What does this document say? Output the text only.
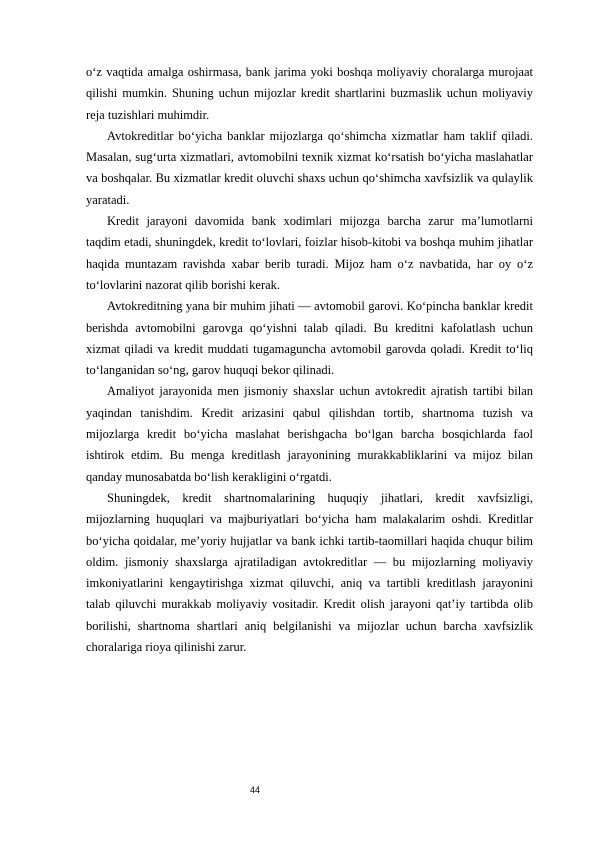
o‘z vaqtida amalga oshirmasa, bank jarima yoki boshqa moliyaviy choralarga murojaat qilishi mumkin. Shuning uchun mijozlar kredit shartlarini buzmaslik uchun moliyaviy reja tuzishlari muhimdir.

Avtokreditlar bo‘yicha banklar mijozlarga qo‘shimcha xizmatlar ham taklif qiladi. Masalan, sug‘urta xizmatlari, avtomobilni texnik xizmat ko‘rsatish bo‘yicha maslahatlar va boshqalar. Bu xizmatlar kredit oluvchi shaxs uchun qo‘shimcha xavfsizlik va qulaylik yaratadi.

Kredit jarayoni davomida bank xodimlari mijozga barcha zarur ma’lumotlarni taqdim etadi, shuningdek, kredit to‘lovlari, foizlar hisob-kitobi va boshqa muhim jihatlar haqida muntazam ravishda xabar berib turadi. Mijoz ham o‘z navbatida, har oy o‘z to‘lovlarini nazorat qilib borishi kerak.

Avtokreditning yana bir muhim jihati — avtomobil garovi. Ko‘pincha banklar kredit berishda avtomobilni garovga qo‘yishni talab qiladi. Bu kreditni kafolatlash uchun xizmat qiladi va kredit muddati tugamaguncha avtomobil garovda qoladi. Kredit to‘liq to‘langanidan so‘ng, garov huquqi bekor qilinadi.

Amaliyot jarayonida men jismoniy shaxslar uchun avtokredit ajratish tartibi bilan yaqindan tanishdim. Kredit arizasini qabul qilishdan tortib, shartnoma tuzish va mijozlarga kredit bo‘yicha maslahat berishgacha bo‘lgan barcha bosqichlarda faol ishtirok etdim. Bu menga kreditlash jarayonining murakkabliklarini va mijoz bilan qanday munosabatda bo‘lish kerakligini o‘rgatdi.

Shuningdek, kredit shartnomalarining huquqiy jihatlari, kredit xavfsizligi, mijozlarning huquqlari va majburiyatlari bo‘yicha ham malakalarim oshdi. Kreditlar bo‘yicha qoidalar, me’yoriy hujjatlar va bank ichki tartib-taomillari haqida chuqur bilim oldim. jismoniy shaxslarga ajratiladigan avtokreditlar — bu mijozlarning moliyaviy imkoniyatlarini kengaytirishga xizmat qiluvchi, aniq va tartibli kreditlash jarayonini talab qiluvchi murakkab moliyaviy vositadir. Kredit olish jarayoni qat’iy tartibda olib borilishi, shartnoma shartlari aniq belgilanishi va mijozlar uchun barcha xavfsizlik choralariga rioya qilinishi zarur.

44
